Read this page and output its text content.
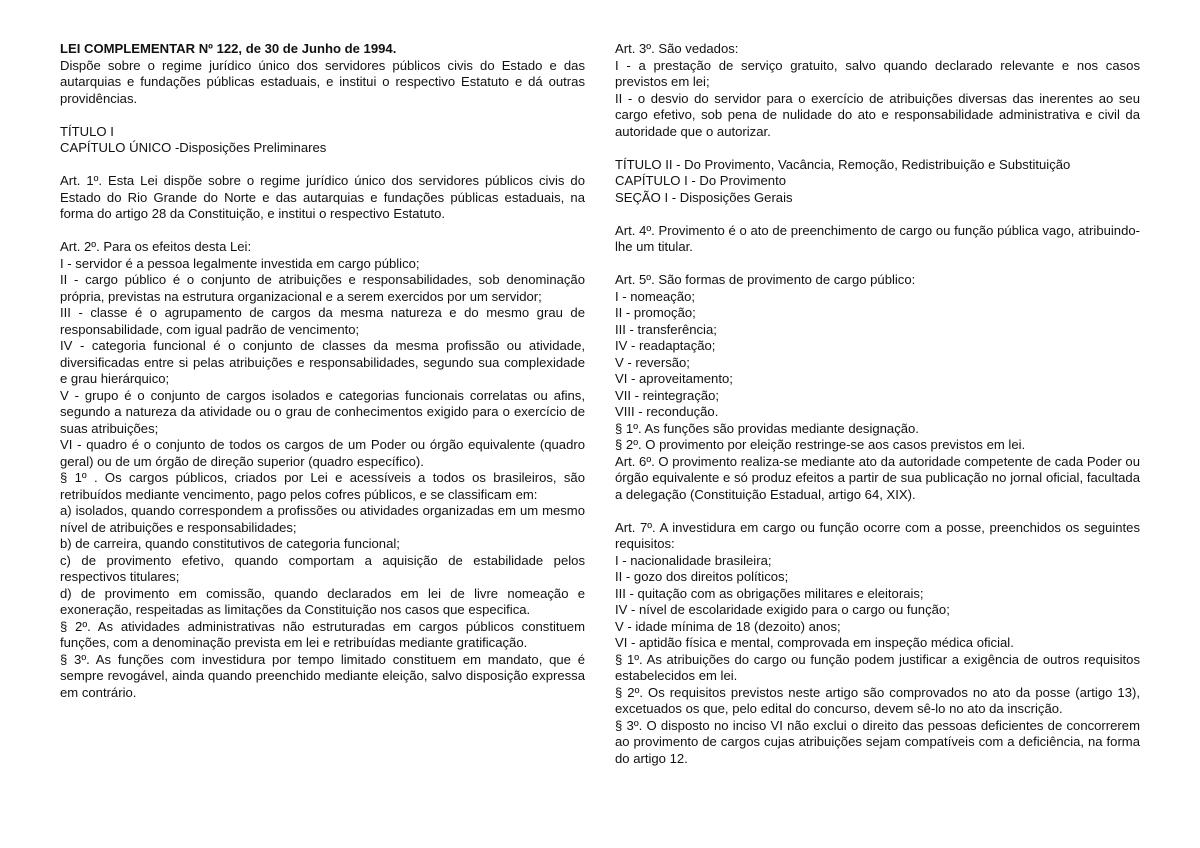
LEI COMPLEMENTAR Nº 122, de 30 de Junho de 1994.
Dispõe sobre o regime jurídico único dos servidores públicos civis do Estado e das autarquias e fundações públicas estaduais, e institui o respectivo Estatuto e dá outras providências.
TÍTULO I
CAPÍTULO ÚNICO -Disposições Preliminares
Art. 1º. Esta Lei dispõe sobre o regime jurídico único dos servidores públicos civis do Estado do Rio Grande do Norte e das autarquias e fundações públicas estaduais, na forma do artigo 28 da Constituição, e institui o respectivo Estatuto.
Art. 2º. Para os efeitos desta Lei:
I - servidor é a pessoa legalmente investida em cargo público;
II - cargo público é o conjunto de atribuições e responsabilidades, sob denominação própria, previstas na estrutura organizacional e a serem exercidos por um servidor;
III - classe é o agrupamento de cargos da mesma natureza e do mesmo grau de responsabilidade, com igual padrão de vencimento;
IV - categoria funcional é o conjunto de classes da mesma profissão ou atividade, diversificadas entre si pelas atribuições e responsabilidades, segundo sua complexidade e grau hierárquico;
V - grupo é o conjunto de cargos isolados e categorias funcionais correlatas ou afins, segundo a natureza da atividade ou o grau de conhecimentos exigido para o exercício de suas atribuições;
VI - quadro é o conjunto de todos os cargos de um Poder ou órgão equivalente (quadro geral) ou de um órgão de direção superior (quadro específico).
§ 1º . Os cargos públicos, criados por Lei e acessíveis a todos os brasileiros, são retribuídos mediante vencimento, pago pelos cofres públicos, e se classificam em:
a) isolados, quando correspondem a profissões ou atividades organizadas em um mesmo nível de atribuições e responsabilidades;
b) de carreira, quando constitutivos de categoria funcional;
c) de provimento efetivo, quando comportam a aquisição de estabilidade pelos respectivos titulares;
d) de provimento em comissão, quando declarados em lei de livre nomeação e exoneração, respeitadas as limitações da Constituição nos casos que especifica.
§ 2º. As atividades administrativas não estruturadas em cargos públicos constituem funções, com a denominação prevista em lei e retribuídas mediante gratificação.
§ 3º. As funções com investidura por tempo limitado constituem em mandato, que é sempre revogável, ainda quando preenchido mediante eleição, salvo disposição expressa em contrário.
Art. 3º. São vedados:
I - a prestação de serviço gratuito, salvo quando declarado relevante e nos casos previstos em lei;
II - o desvio do servidor para o exercício de atribuições diversas das inerentes ao seu cargo efetivo, sob pena de nulidade do ato e responsabilidade administrativa e civil da autoridade que o autorizar.
TÍTULO II - Do Provimento, Vacância, Remoção, Redistribuição e Substituição
CAPÍTULO I - Do Provimento
SEÇÃO I - Disposições Gerais
Art. 4º. Provimento é o ato de preenchimento de cargo ou função pública vago, atribuindo-lhe um titular.
Art. 5º. São formas de provimento de cargo público:
I - nomeação;
II - promoção;
III - transferência;
IV - readaptação;
V - reversão;
VI - aproveitamento;
VII - reintegração;
VIII - recondução.
§ 1º. As funções são providas mediante designação.
§ 2º. O provimento por eleição restringe-se aos casos previstos em lei.
Art. 6º. O provimento realiza-se mediante ato da autoridade competente de cada Poder ou órgão equivalente e só produz efeitos a partir de sua publicação no jornal oficial, facultada a delegação (Constituição Estadual, artigo 64, XIX).
Art. 7º. A investidura em cargo ou função ocorre com a posse, preenchidos os seguintes requisitos:
I - nacionalidade brasileira;
II - gozo dos direitos políticos;
III - quitação com as obrigações militares e eleitorais;
IV - nível de escolaridade exigido para o cargo ou função;
V - idade mínima de 18 (dezoito) anos;
VI - aptidão física e mental, comprovada em inspeção médica oficial.
§ 1º. As atribuições do cargo ou função podem justificar a exigência de outros requisitos estabelecidos em lei.
§ 2º. Os requisitos previstos neste artigo são comprovados no ato da posse (artigo 13), excetuados os que, pelo edital do concurso, devem sê-lo no ato da inscrição.
§ 3º. O disposto no inciso VI não exclui o direito das pessoas deficientes de concorrerem ao provimento de cargos cujas atribuições sejam compatíveis com a deficiência, na forma do artigo 12.
